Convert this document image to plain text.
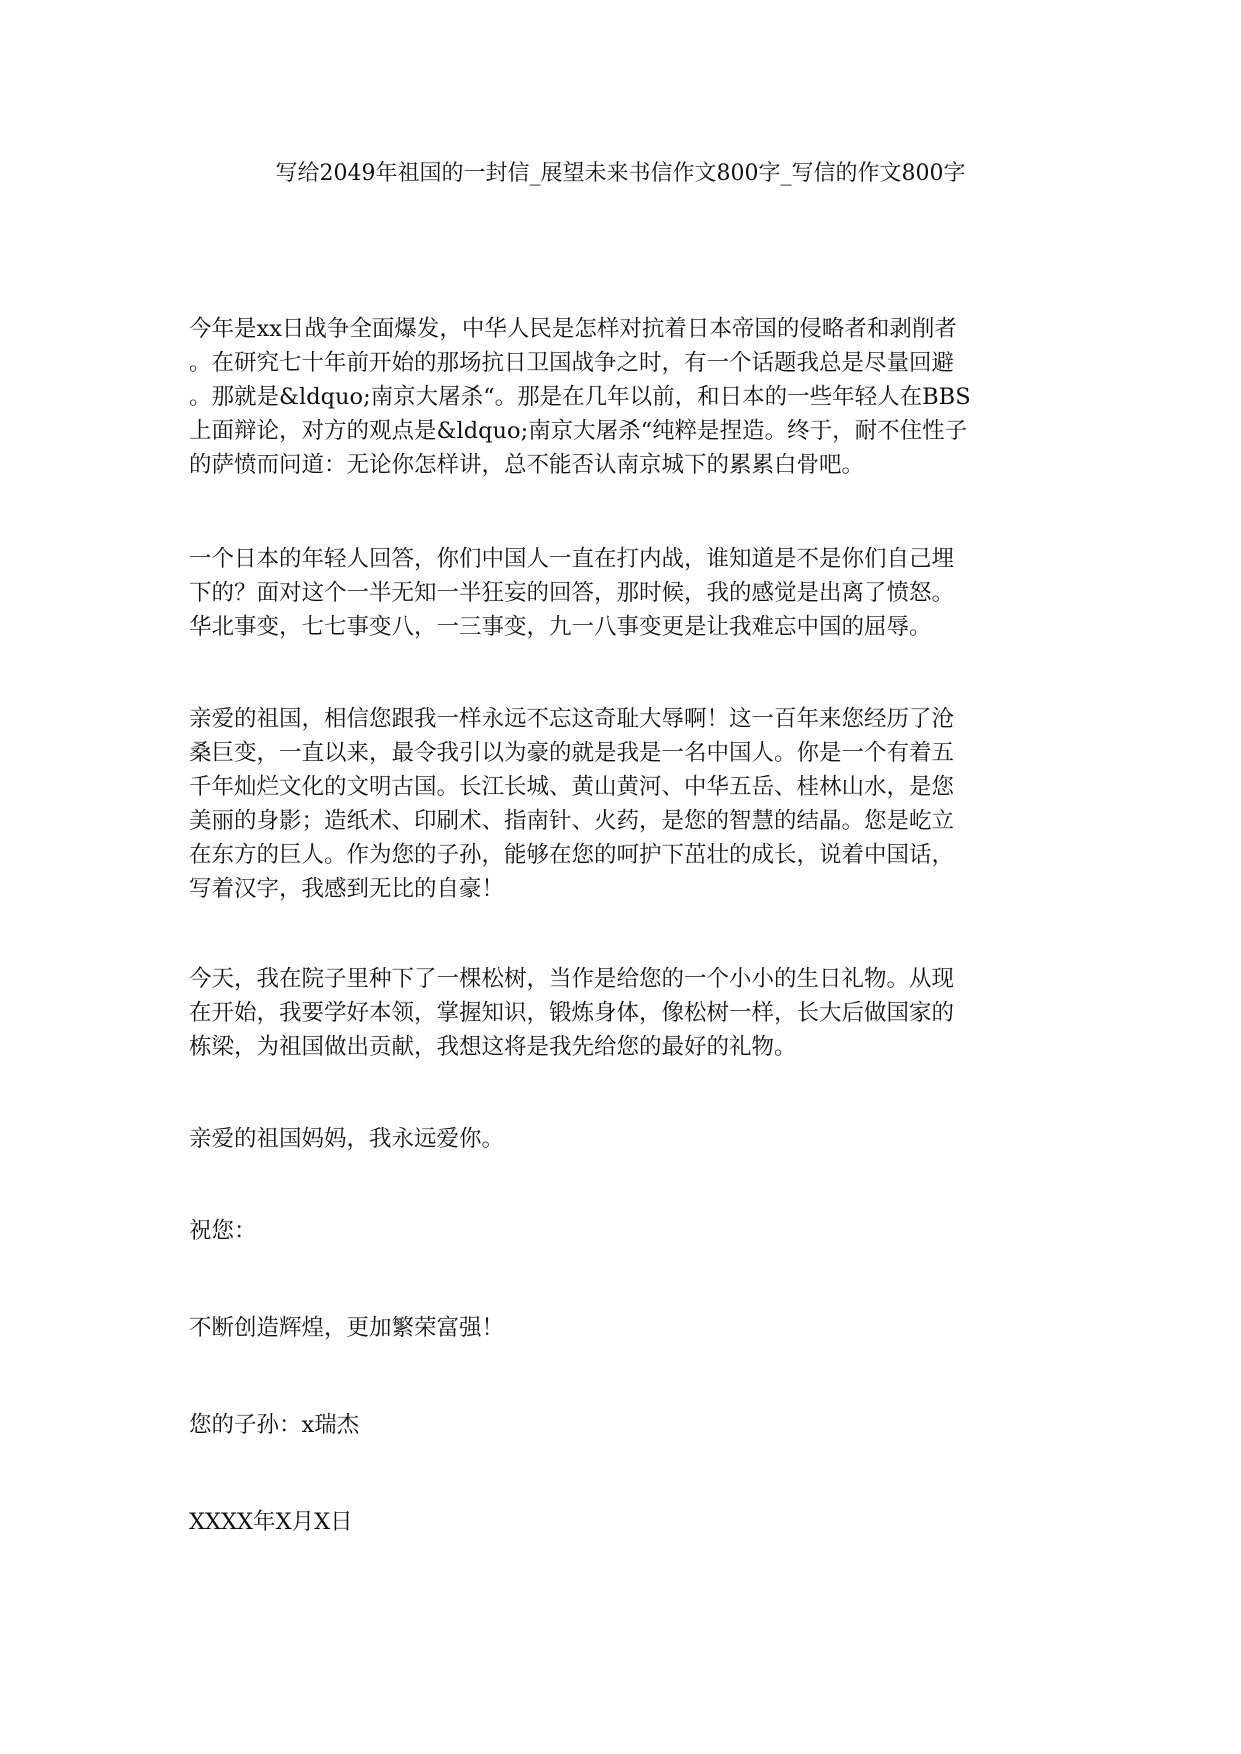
写给2049年祖国的一封信_展望未来书信作文800字_写信的作文800字
今年是xx日战争全面爆发，中华人民是怎样对抗着日本帝国的侵略者和剥削者
。在研究七十年前开始的那场抗日卫国战争之时，有一个话题我总是尽量回避
。那就是&ldquo;南京大屠杀“。那是在几年以前，和日本的一些年轻人在BBS
上面辩论，对方的观点是&ldquo;南京大屠杀“纯粹是捏造。终于，耐不住性子
的萨愤而问道：无论你怎样讲，总不能否认南京城下的累累白骨吧。
一个日本的年轻人回答，你们中国人一直在打内战，谁知道是不是你们自己埋
下的？面对这个一半无知一半狂妄的回答，那时候，我的感觉是出离了愤怒。
华北事变，七七事变八，一三事变，九一八事变更是让我难忘中国的屈辱。
亲爱的祖国，相信您跟我一样永远不忘这奇耻大辱啊！这一百年来您经历了沧
桑巨变，一直以来，最令我引以为豪的就是我是一名中国人。你是一个有着五
千年灿烂文化的文明古国。长江长城、黄山黄河、中华五岳、桂林山水，是您
美丽的身影；造纸术、印刷术、指南针、火药，是您的智慧的结晶。您是屹立
在东方的巨人。作为您的子孙，能够在您的呵护下茁壮的成长，说着中国话，
写着汉字，我感到无比的自豪！
今天，我在院子里种下了一棵松树，当作是给您的一个小小的生日礼物。从现
在开始，我要学好本领，掌握知识，锻炼身体，像松树一样，长大后做国家的
栋梁，为祖国做出贡献，我想这将是我先给您的最好的礼物。
亲爱的祖国妈妈，我永远爱你。
祝您：
不断创造辉煌，更加繁荣富强！
您的子孙：x瑞杰
XXXX年X月X日
